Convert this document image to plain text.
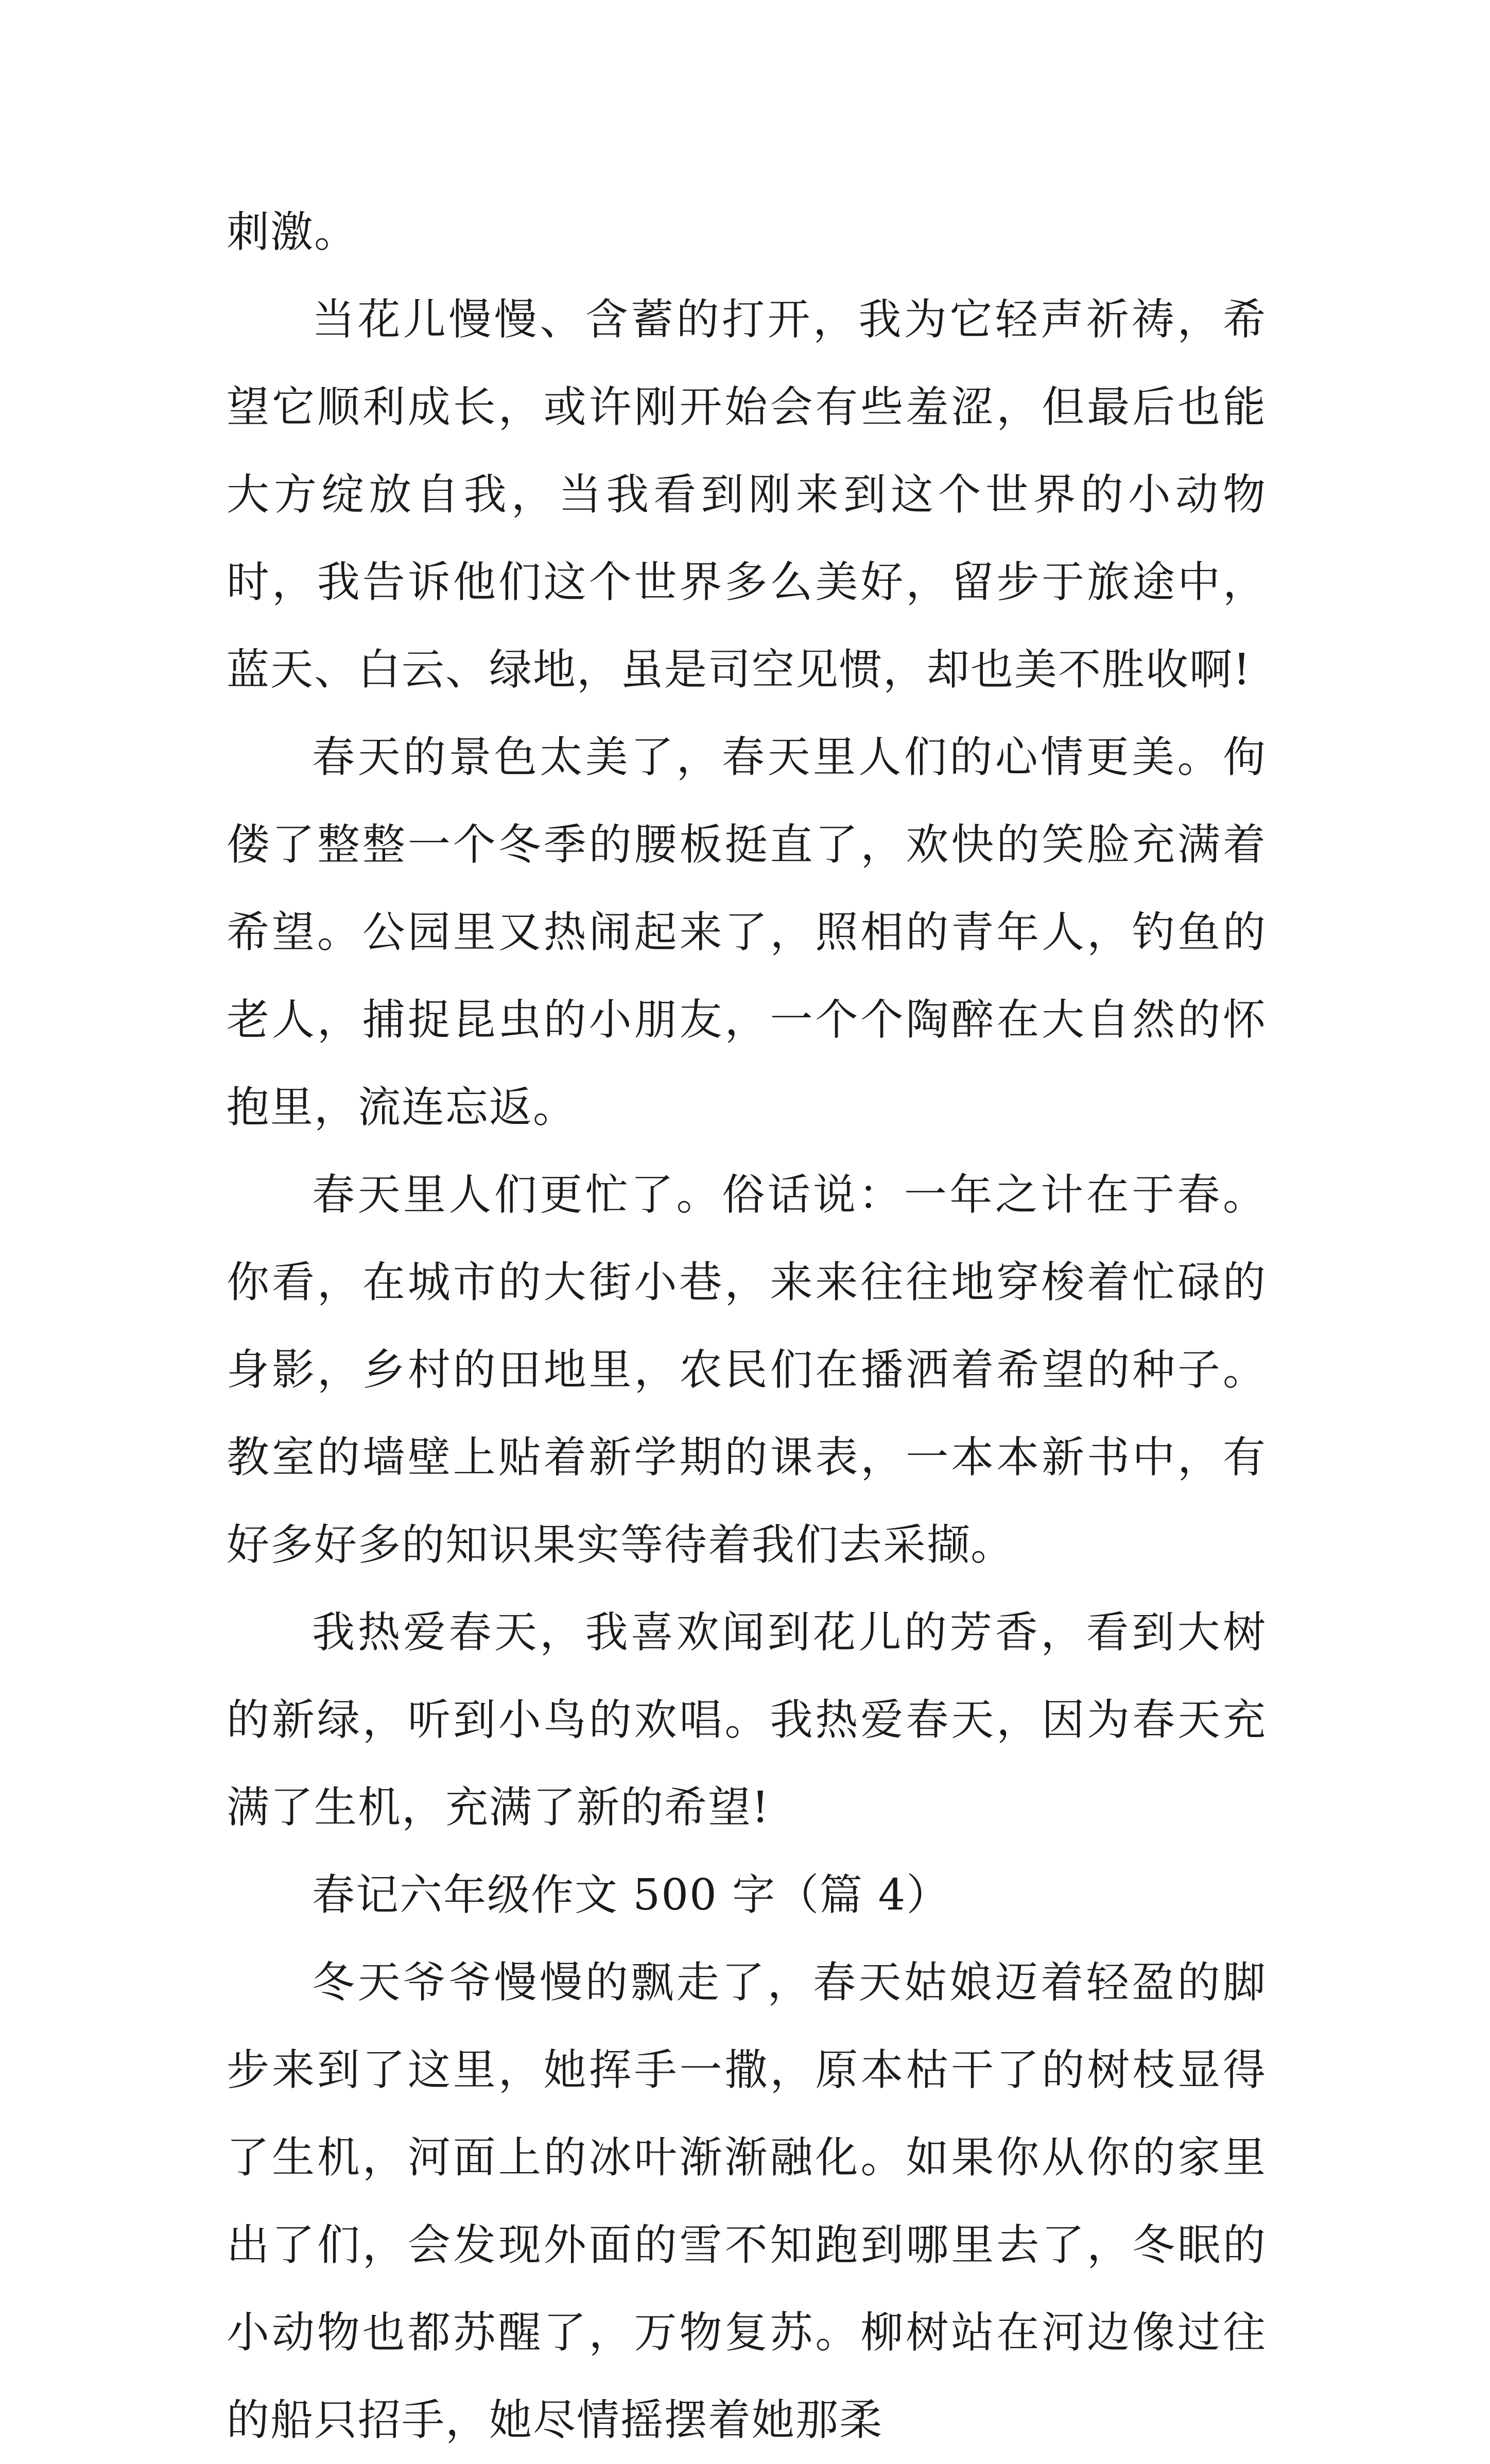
刺激。

当花儿慢慢、含蓄的打开，我为它轻声祈祷，希望它顺利成长，或许刚开始会有些羞涩，但最后也能大方绽放自我，当我看到刚来到这个世界的小动物时，我告诉他们这个世界多么美好，留步于旅途中，蓝天、白云、绿地，虽是司空见惯，却也美不胜收啊!

春天的景色太美了，春天里人们的心情更美。佝偻了整整一个冬季的腰板挺直了，欢快的笑脸充满着希望。公园里又热闹起来了，照相的青年人，钓鱼的老人，捕捉昆虫的小朋友，一个个陶醉在大自然的怀抱里，流连忘返。

春天里人们更忙了。俗话说：一年之计在于春。你看，在城市的大街小巷，来来往往地穿梭着忙碌的身影，乡村的田地里，农民们在播洒着希望的种子。教室的墙壁上贴着新学期的课表，一本本新书中，有好多好多的知识果实等待着我们去采撷。

我热爱春天，我喜欢闻到花儿的芳香，看到大树的新绿，听到小鸟的欢唱。我热爱春天，因为春天充满了生机，充满了新的希望!

春记六年级作文 500 字（篇 4）

冬天爷爷慢慢的飘走了，春天姑娘迈着轻盈的脚步来到了这里，她挥手一撒，原本枯干了的树枝显得了生机，河面上的冰叶渐渐融化。如果你从你的家里出了们，会发现外面的雪不知跑到哪里去了，冬眠的小动物也都苏醒了，万物复苏。柳树站在河边像过往的船只招手，她尽情摇摆着她那柔
